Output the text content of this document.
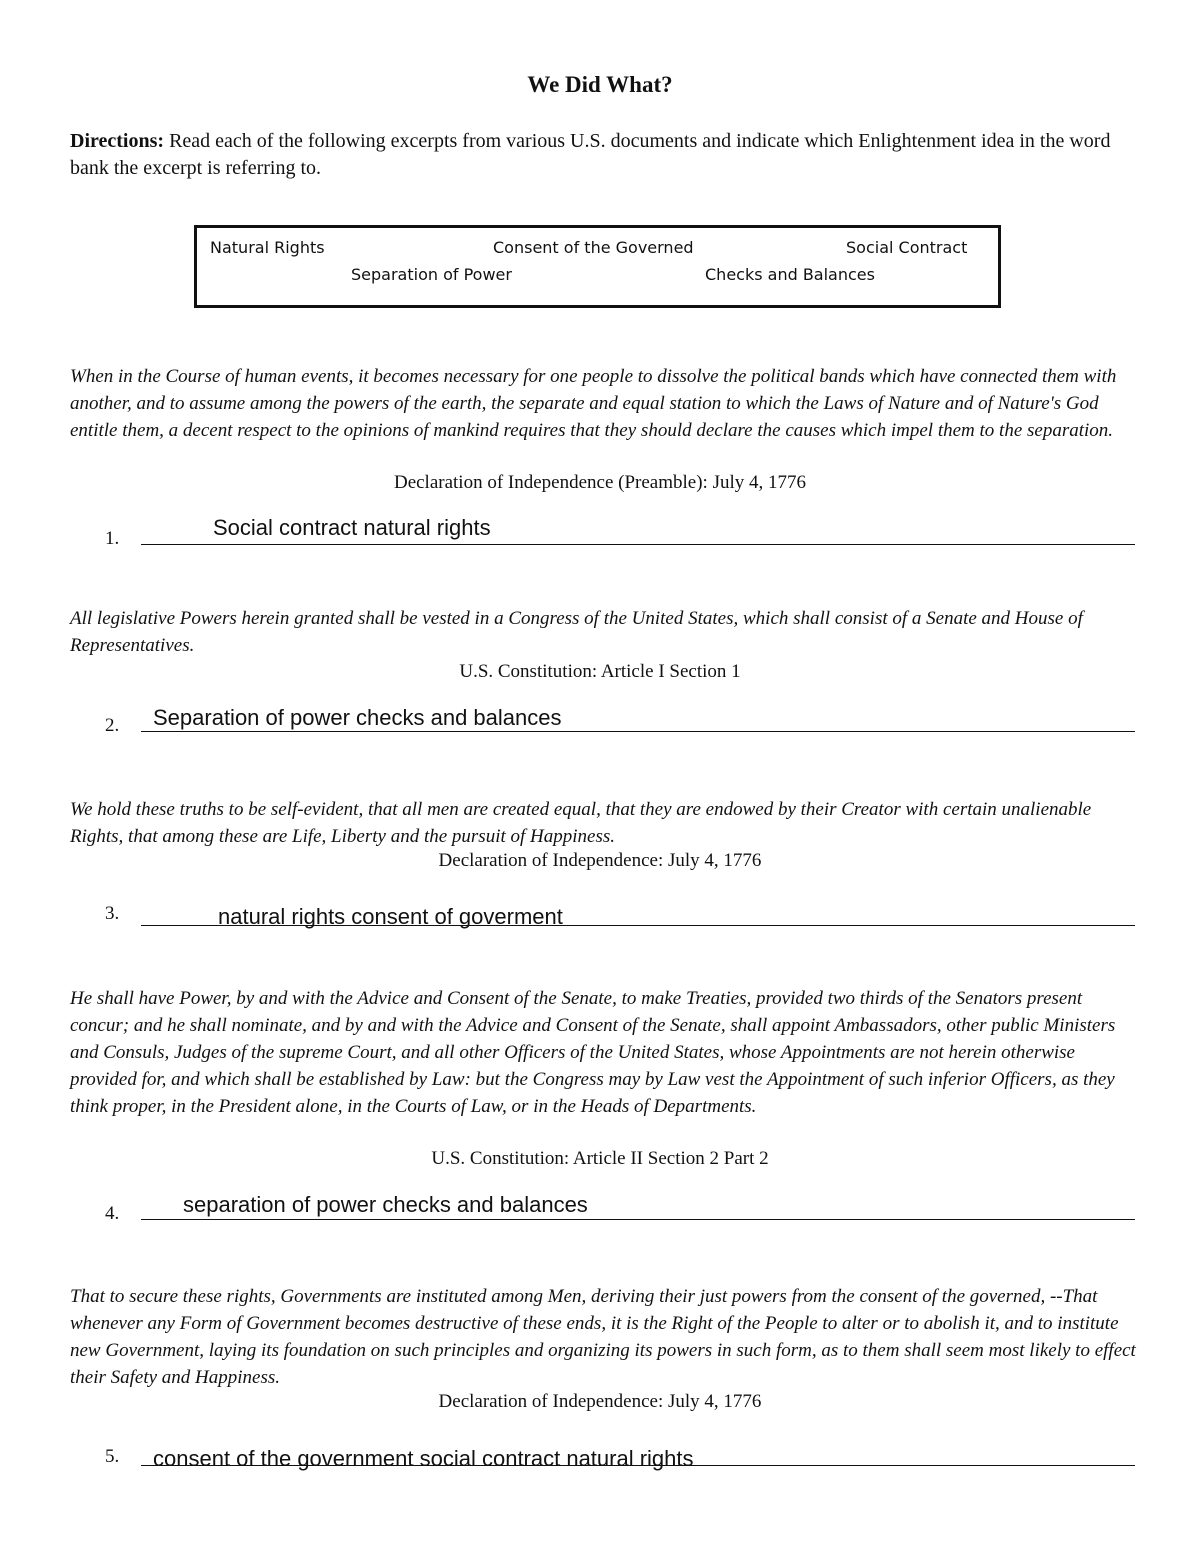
We Did What?
Directions: Read each of the following excerpts from various U.S. documents and indicate which Enlightenment idea in the word bank the excerpt is referring to.
Natural Rights	Consent of the Governed	Social Contract
Separation of Power	Checks and Balances
When in the Course of human events, it becomes necessary for one people to dissolve the political bands which have connected them with another, and to assume among the powers of the earth, the separate and equal station to which the Laws of Nature and of Nature's God entitle them, a decent respect to the opinions of mankind requires that they should declare the causes which impel them to the separation.
Declaration of Independence (Preamble): July 4, 1776
1.	Social contract natural rights
All legislative Powers herein granted shall be vested in a Congress of the United States, which shall consist of a Senate and House of Representatives.
U.S. Constitution: Article I Section 1
2. Separation of power checks and balances
We hold these truths to be self-evident, that all men are created equal, that they are endowed by their Creator with certain unalienable Rights, that among these are Life, Liberty and the pursuit of Happiness.
Declaration of Independence: July 4, 1776
3.	natural rights consent of goverment
He shall have Power, by and with the Advice and Consent of the Senate, to make Treaties, provided two thirds of the Senators present concur; and he shall nominate, and by and with the Advice and Consent of the Senate, shall appoint Ambassadors, other public Ministers and Consuls, Judges of the supreme Court, and all other Officers of the United States, whose Appointments are not herein otherwise provided for, and which shall be established by Law: but the Congress may by Law vest the Appointment of such inferior Officers, as they think proper, in the President alone, in the Courts of Law, or in the Heads of Departments.
U.S. Constitution: Article II Section 2 Part 2
4.	separation of power checks and balances
That to secure these rights, Governments are instituted among Men, deriving their just powers from the consent of the governed, --That whenever any Form of Government becomes destructive of these ends, it is the Right of the People to alter or to abolish it, and to institute new Government, laying its foundation on such principles and organizing its powers in such form, as to them shall seem most likely to effect their Safety and Happiness.
Declaration of Independence: July 4, 1776
5. consent of the government social contract natural rights
